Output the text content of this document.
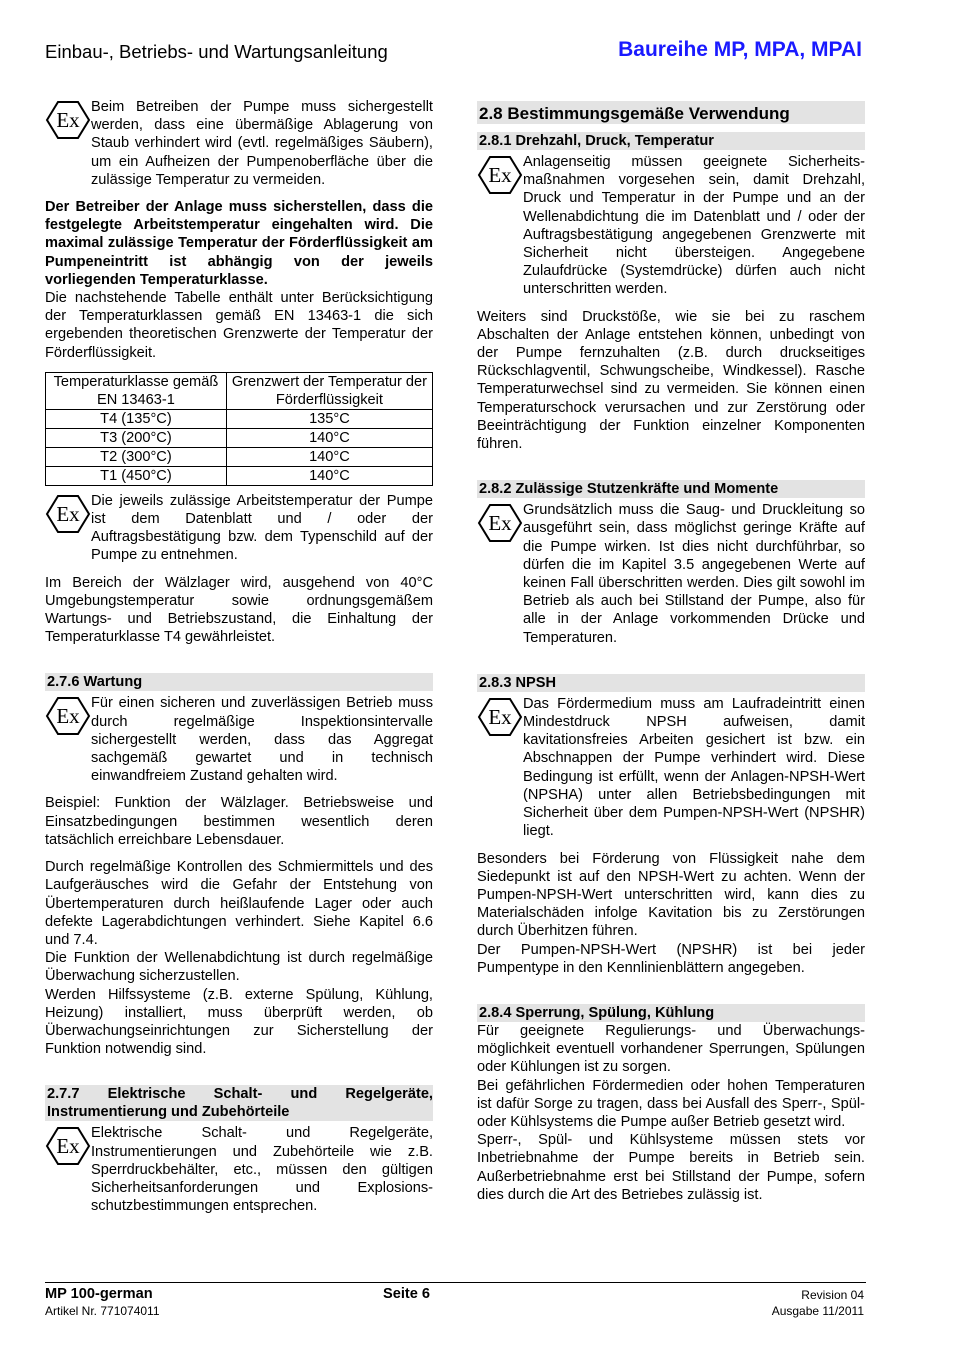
Einbau-, Betriebs- und Wartungsanleitung	Baureihe MP, MPA, MPAI
Ex
Beim Betreiben der Pumpe muss sichergestellt werden, dass eine übermäßige Ablagerung von Staub verhindert wird (evtl. regelmäßiges Säubern), um ein Aufheizen der Pumpenoberfläche über die zulässige Temperatur zu vermeiden.

Der Betreiber der Anlage muss sicherstellen, dass die festgelegte Arbeitstemperatur eingehalten wird. Die maximal zulässige Temperatur der Förderflüssigkeit am Pumpeneintritt ist abhängig von der jeweils vorliegenden Temperaturklasse.

Die nachstehende Tabelle enthält unter Berücksichtigung der Temperaturklassen gemäß EN 13463-1 die sich ergebenden theoretischen Grenzwerte der Temperatur der Förderflüssigkeit.

Temperaturklasse gemäß EN 13463-1	Grenzwert der Temperatur der Förderflüssigkeit
T4 (135°C)	135°C
T3 (200°C)	140°C
T2 (300°C)	140°C
T1 (450°C)	140°C
Ex
Die jeweils zulässige Arbeitstemperatur der Pumpe ist dem Datenblatt und / oder der Auftragsbestätigung bzw. dem Typenschild auf der Pumpe zu entnehmen.

Im Bereich der Wälzlager wird, ausgehend von 40°C Umgebungstemperatur sowie ordnungsgemäßem Wartungs- und Betriebszustand, die Einhaltung der Temperaturklasse T4 gewährleistet.

2.7.6 Wartung
Ex
Für einen sicheren und zuverlässigen Betrieb muss durch regelmäßige Inspektionsintervalle sichergestellt werden, dass das Aggregat sachgemäß gewartet und in technisch einwandfreiem Zustand gehalten wird.

Beispiel: Funktion der Wälzlager. Betriebsweise und Einsatzbedingungen bestimmen wesentlich deren tatsächlich erreichbare Lebensdauer.

Durch regelmäßige Kontrollen des Schmiermittels und des Laufgeräusches wird die Gefahr der Entstehung von Übertemperaturen durch heißlaufende Lager oder auch defekte Lagerabdichtungen verhindert. Siehe Kapitel 6.6 und 7.4.

Die Funktion der Wellenabdichtung ist durch regelmäßige Überwachung sicherzustellen.

Werden Hilfssysteme (z.B. externe Spülung, Kühlung, Heizung) installiert, muss überprüft werden, ob Überwachungseinrichtungen zur Sicherstellung der Funktion notwendig sind.

2.7.7 Elektrische Schalt- und Regelgeräte, Instrumentierung und Zubehörteile
Ex
Elektrische Schalt- und Regelgeräte, Instrumentierungen und Zubehörteile wie z.B. Sperrdruckbehälter, etc., müssen den gültigen Sicherheitsanforderungen und Explosions-schutzbestimmungen entsprechen.
2.8 Bestimmungsgemäße Verwendung
2.8.1 Drehzahl, Druck, Temperatur
Ex
Anlagenseitig müssen geeignete Sicherheits-maßnahmen vorgesehen sein, damit Drehzahl, Druck und Temperatur in der Pumpe und an der Wellenabdichtung die im Datenblatt und / oder der Auftragsbestätigung angegebenen Grenzwerte mit Sicherheit nicht übersteigen. Angegebene Zulaufdrücke (Systemdrücke) dürfen auch nicht unterschritten werden.

Weiters sind Druckstöße, wie sie bei zu raschem Abschalten der Anlage entstehen können, unbedingt von der Pumpe fernzuhalten (z.B. durch druckseitiges Rückschlagventil, Schwungscheibe, Windkessel). Rasche Temperaturwechsel sind zu vermeiden. Sie können einen Temperaturschock verursachen und zur Zerstörung oder Beeinträchtigung der Funktion einzelner Komponenten führen.

2.8.2 Zulässige Stutzenkräfte und Momente
Ex
Grundsätzlich muss die Saug- und Druckleitung so ausgeführt sein, dass möglichst geringe Kräfte auf die Pumpe wirken. Ist dies nicht durchführbar, so dürfen die im Kapitel 3.5 angegebenen Werte auf keinen Fall überschritten werden. Dies gilt sowohl im Betrieb als auch bei Stillstand der Pumpe, also für alle in der Anlage vorkommenden Drücke und Temperaturen.
2.8.3 NPSH
Ex
Das Fördermedium muss am Laufradeintritt einen Mindestdruck NPSH aufweisen, damit kavitationsfreies Arbeiten gesichert ist bzw. ein Abschnappen der Pumpe verhindert wird. Diese Bedingung ist erfüllt, wenn der Anlagen-NPSH-Wert (NPSHA) unter allen Betriebsbedingungen mit Sicherheit über dem Pumpen-NPSH-Wert (NPSHR) liegt.

Besonders bei Förderung von Flüssigkeit nahe dem Siedepunkt ist auf den NPSH-Wert zu achten. Wenn der Pumpen-NPSH-Wert unterschritten wird, kann dies zu Materialschäden infolge Kavitation bis zu Zerstörungen durch Überhitzen führen.

Der Pumpen-NPSH-Wert (NPSHR) ist bei jeder Pumpentype in den Kennlinienblättern angegeben.

2.8.4 Sperrung, Spülung, Kühlung

Für geeignete Regulierungs- und Überwachungs-möglichkeit eventuell vorhandener Sperrungen, Spülungen oder Kühlungen ist zu sorgen.

Bei gefährlichen Fördermedien oder hohen Temperaturen ist dafür Sorge zu tragen, dass bei Ausfall des Sperr-, Spül- oder Kühlsystems die Pumpe außer Betrieb gesetzt wird.

Sperr-, Spül- und Kühlsysteme müssen stets vor Inbetriebnahme der Pumpe bereits in Betrieb sein. Außerbetriebnahme erst bei Stillstand der Pumpe, sofern dies durch die Art des Betriebes zulässig ist.

MP 100-german
Artikel Nr. 771074011
Seite 6	Revision 04
Ausgabe 11/2011
